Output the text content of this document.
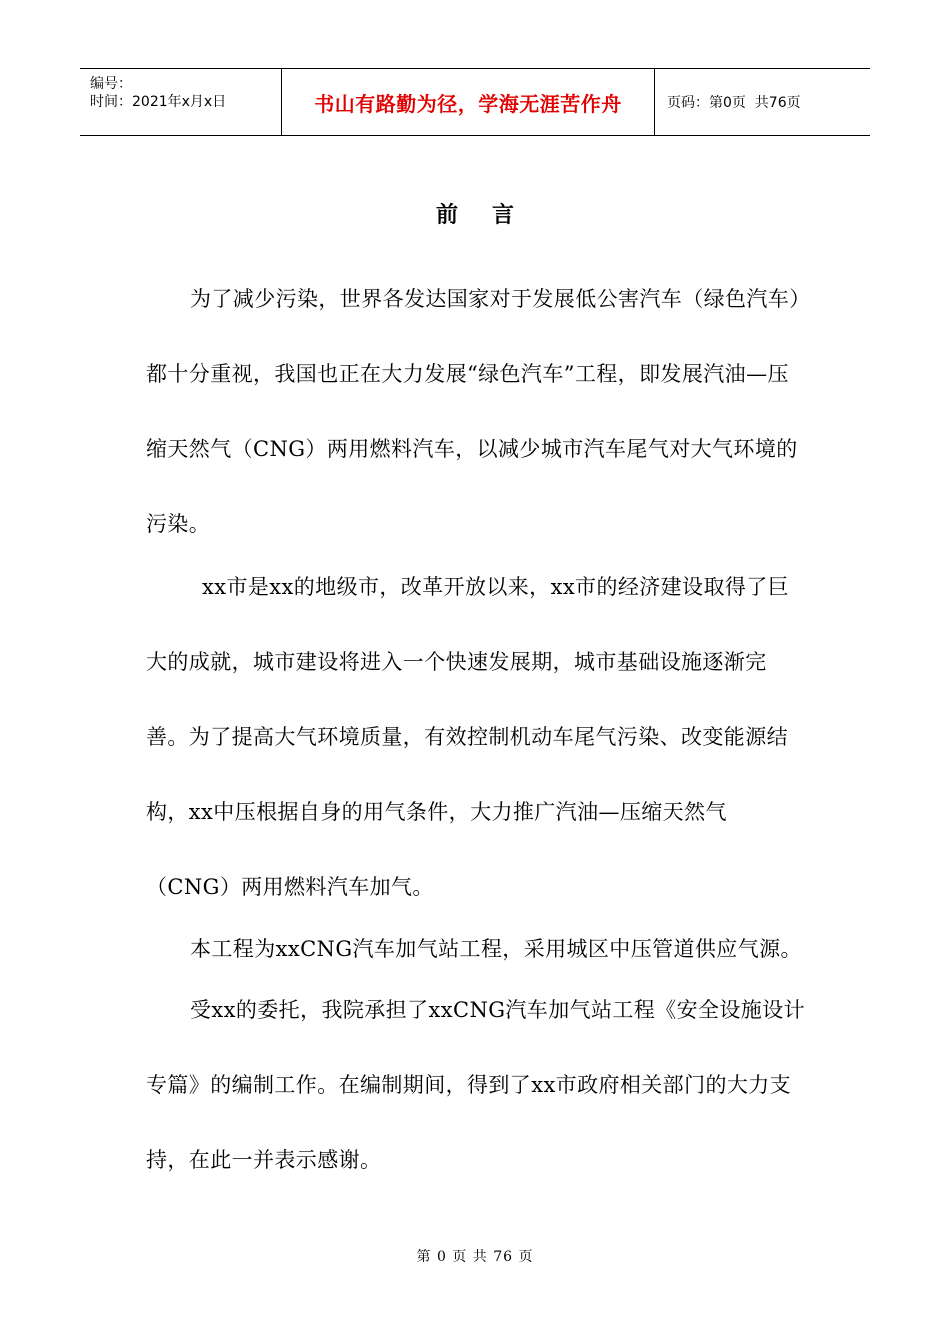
编号：
时间：2021年x月x日	书山有路勤为径，学海无涯苦作舟	页码：第0页  共76页
前言

为了减少污染，世界各发达国家对于发展低公害汽车（绿色汽车）都十分重视，我国也正在大力发展“绿色汽车”工程，即发展汽油—压缩天然气（CNG）两用燃料汽车，以减少城市汽车尾气对大气环境的污染。

xx市是xx的地级市，改革开放以来，xx市的经济建设取得了巨大的成就，城市建设将进入一个快速发展期，城市基础设施逐渐完善。为了提高大气环境质量，有效控制机动车尾气污染、改变能源结构，xx中压根据自身的用气条件，大力推广汽油—压缩天然气（CNG）两用燃料汽车加气。

本工程为xxCNG汽车加气站工程，采用城区中压管道供应气源。

受xx的委托，我院承担了xxCNG汽车加气站工程《安全设施设计专篇》的编制工作。在编制期间，得到了xx市政府相关部门的大力支持，在此一并表示感谢。

第 0 页 共 76 页
